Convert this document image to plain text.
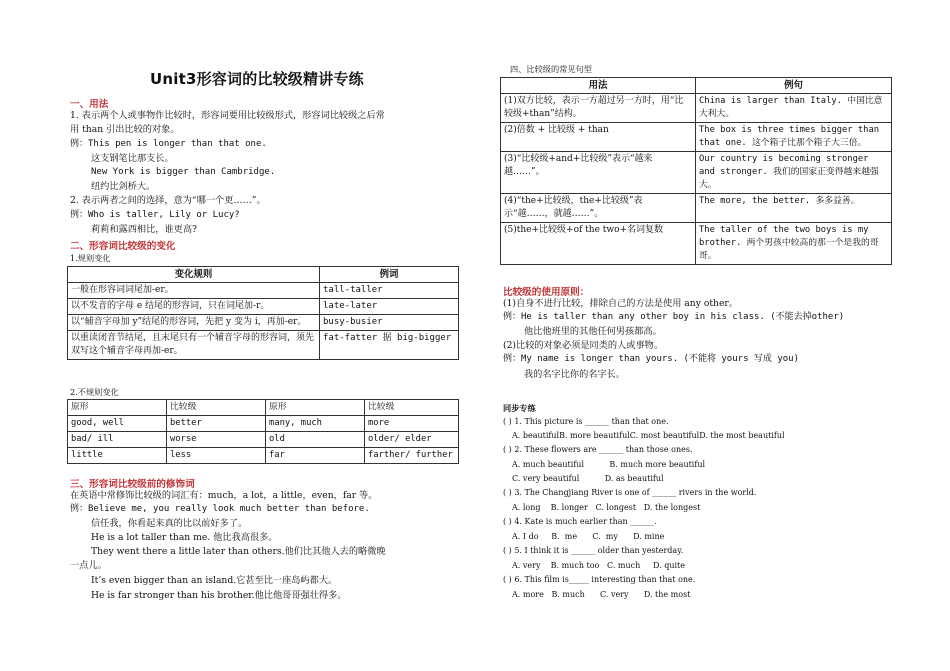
Unit3形容词的比较级精讲专练
一、用法
1. 表示两个人或事物作比较时，形容词要用比较级形式，形容词比较级之后常
用 than 引出比较的对象。
例：This pen is longer than that one.
这支钢笔比那支长。
New York is bigger than Cambridge.
纽约比剑桥大。
2. 表示两者之间的选择，意为“哪一个更……”。
例：Who is taller, Lily or Lucy?
莉莉和露西相比，谁更高?
二、形容词比较级的变化
1.规则变化
变化规则	例词
一般在形容词词尾加-er。	tall-taller
以不发音的字母 e 结尾的形容词，只在词尾加-r。	late-later
以“辅音字母加 y”结尾的形容词，先把 y 变为 i，再加-er。	busy-busier
以重读闭音节结尾，且末尾只有一个辅音字母的形容词，须先双写这个辅音字母再加-er。	fat-fatter 据 big-bigger
2.不规则变化
原形	比较级	原形	比较级
good, well	better	many, much	more
bad/ ill	worse	old	older/ elder
little	less	far	farther/ further
三、形容词比较级前的修饰词
在英语中常修饰比较级的词汇有：much，a lot，a little，even，far 等。
例：Believe me, you really look much better than before.
信任我，你看起来真的比以前好多了。
He is a lot taller than me. 他比我高很多。
They went there a little later than others.他们比其他人去的略微晚
一点儿。
It’s even bigger than an island.它甚至比一座岛屿都大。
He is far stronger than his brother.他比他哥哥强壮得多。
四、比较级的常见句型
用法	例句
(1)双方比较，表示一方超过另一方时，用“比较级+than”结构。	China is larger than Italy. 中国比意大利大。
(2)倍数 + 比较级 + than	The box is three times bigger than that one. 这个箱子比那个箱子大三倍。
(3)“比较级+and+比较级”表示“越来越……”。	Our country is becoming stronger and stronger. 我们的国家正变得越来越强大。
(4)“the+比较级，the+比较级”表示“越……，就越……”。	The more, the better. 多多益善。
(5)the+比较级+of the two+名词复数	The taller of the two boys is my brother. 两个男孩中较高的那一个是我的哥哥。
比较级的使用原则：
(1)自身不进行比较，排除自己的方法是使用 any other。
例：He is taller than any other boy in his class. (不能去掉other)
他比他班里的其他任何男孩都高。
(2)比较的对象必须是同类的人或事物。
例：My name is longer than yours. (不能将 yours 写成 you)
我的名字比你的名字长。
同步专练
( ) 1. This picture is ______ than that one.
A. beautifulB. more beautifulC. most beautifulD. the most beautiful
( ) 2. These flowers are ______ than those ones.
A. much beautiful          B. much more beautiful
C. very beautiful          D. as beautiful
( ) 3. The Changjiang River is one of ______ rivers in the world.
A. long    B. longer   C. longest   D. the longest
( ) 4. Kate is much earlier than ______.
A. I do     B.  me      C.  my      D. mine
( ) 5. I think it is ______ older than yesterday.
A. very    B. much too   C. much     D. quite
( ) 6. This film is_____ interesting than that one.
A. more   B. much      C. very      D. the most
